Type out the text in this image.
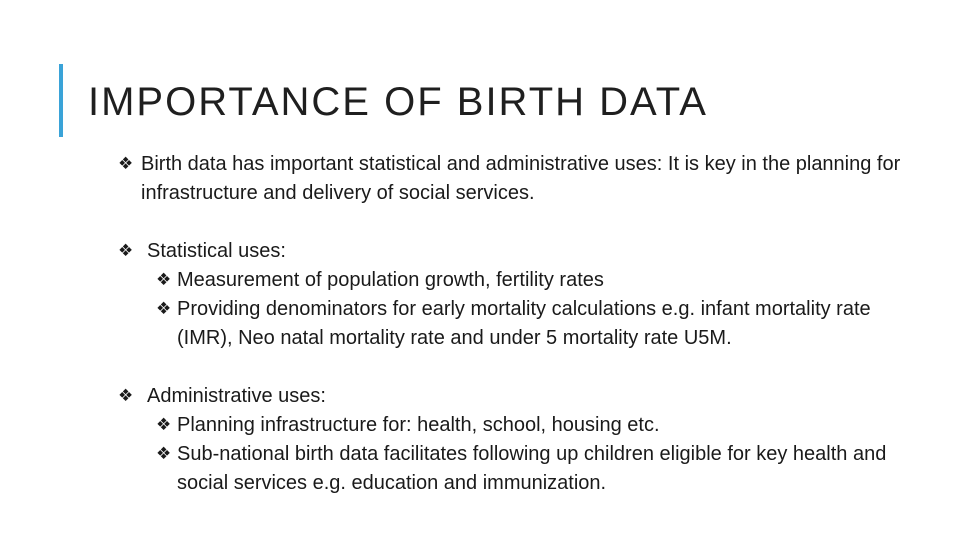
IMPORTANCE OF BIRTH DATA

❖ Birth data has important statistical and administrative uses: It is key in the planning for infrastructure and delivery of social services.

❖ Statistical uses:

❖ Measurement of population growth, fertility rates

❖ Providing denominators for early mortality calculations e.g. infant mortality rate (IMR), Neo natal mortality rate and under 5 mortality rate U5M.

❖ Administrative uses:

❖ Planning infrastructure for: health, school, housing etc.

❖ Sub-national birth data facilitates following up children eligible for key health and social services e.g. education and immunization.
